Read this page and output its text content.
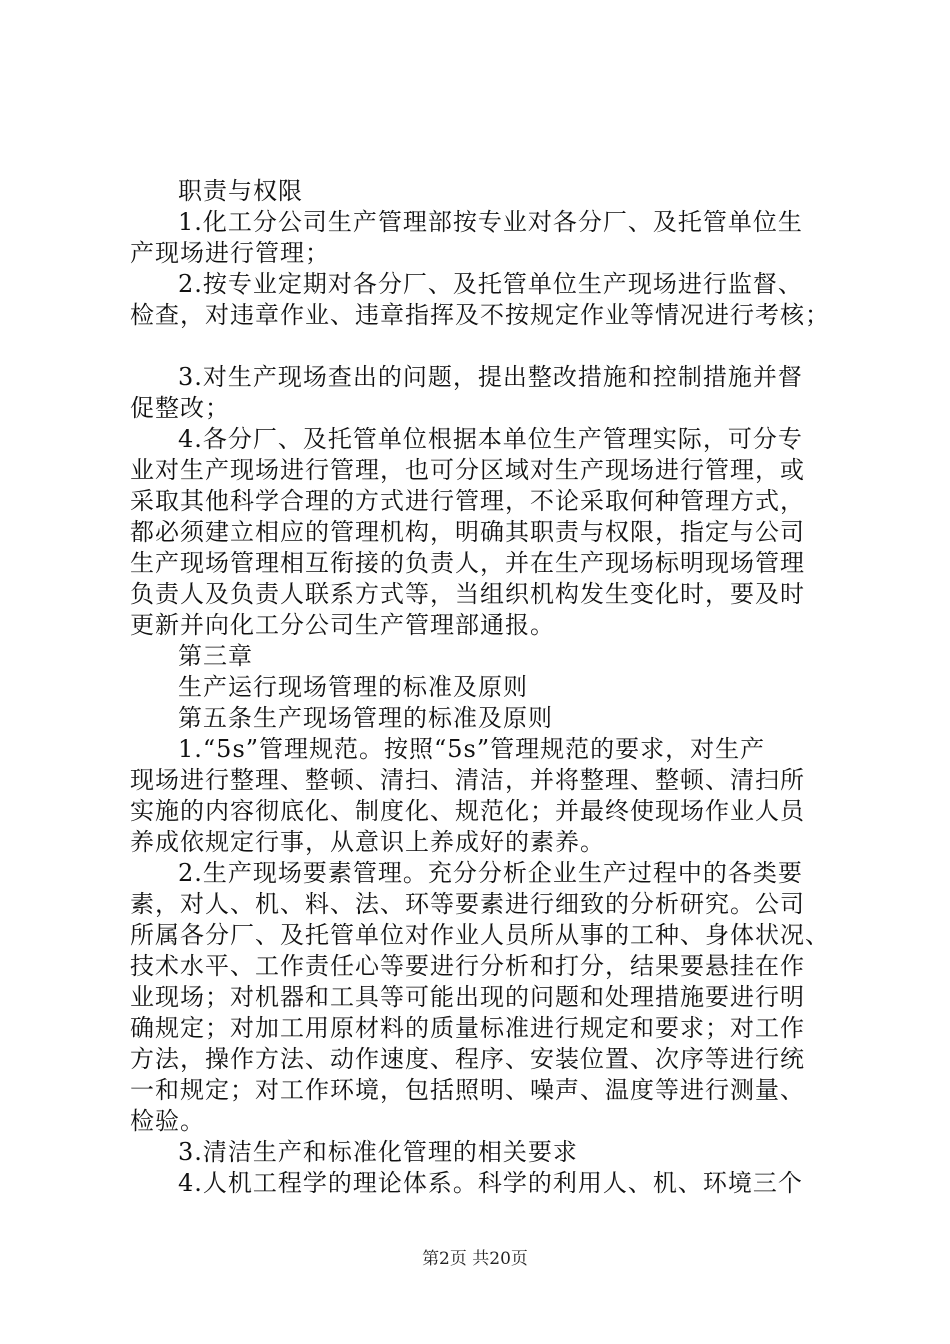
职责与权限

1.化工分公司生产管理部按专业对各分厂、及托管单位生

产现场进行管理；

2.按专业定期对各分厂、及托管单位生产现场进行监督、

检查，对违章作业、违章指挥及不按规定作业等情况进行考核；

3.对生产现场查出的问题，提出整改措施和控制措施并督

促整改；

4.各分厂、及托管单位根据本单位生产管理实际，可分专

业对生产现场进行管理，也可分区域对生产现场进行管理，或

采取其他科学合理的方式进行管理，不论采取何种管理方式，

都必须建立相应的管理机构，明确其职责与权限，指定与公司

生产现场管理相互衔接的负责人，并在生产现场标明现场管理

负责人及负责人联系方式等，当组织机构发生变化时，要及时

更新并向化工分公司生产管理部通报。

第三章

生产运行现场管理的标准及原则

第五条生产现场管理的标准及原则

1.“5s”管理规范。按照“5s”管理规范的要求，对生产

现场进行整理、整顿、清扫、清洁，并将整理、整顿、清扫所

实施的内容彻底化、制度化、规范化；并最终使现场作业人员

养成依规定行事，从意识上养成好的素养。

2.生产现场要素管理。充分分析企业生产过程中的各类要

素，对人、机、料、法、环等要素进行细致的分析研究。公司

所属各分厂、及托管单位对作业人员所从事的工种、身体状况、

技术水平、工作责任心等要进行分析和打分，结果要悬挂在作

业现场；对机器和工具等可能出现的问题和处理措施要进行明

确规定；对加工用原材料的质量标准进行规定和要求；对工作

方法，操作方法、动作速度、程序、安装位置、次序等进行统

一和规定；对工作环境，包括照明、噪声、温度等进行测量、

检验。

3.清洁生产和标准化管理的相关要求

4.人机工程学的理论体系。科学的利用人、机、环境三个

第2页 共20页
